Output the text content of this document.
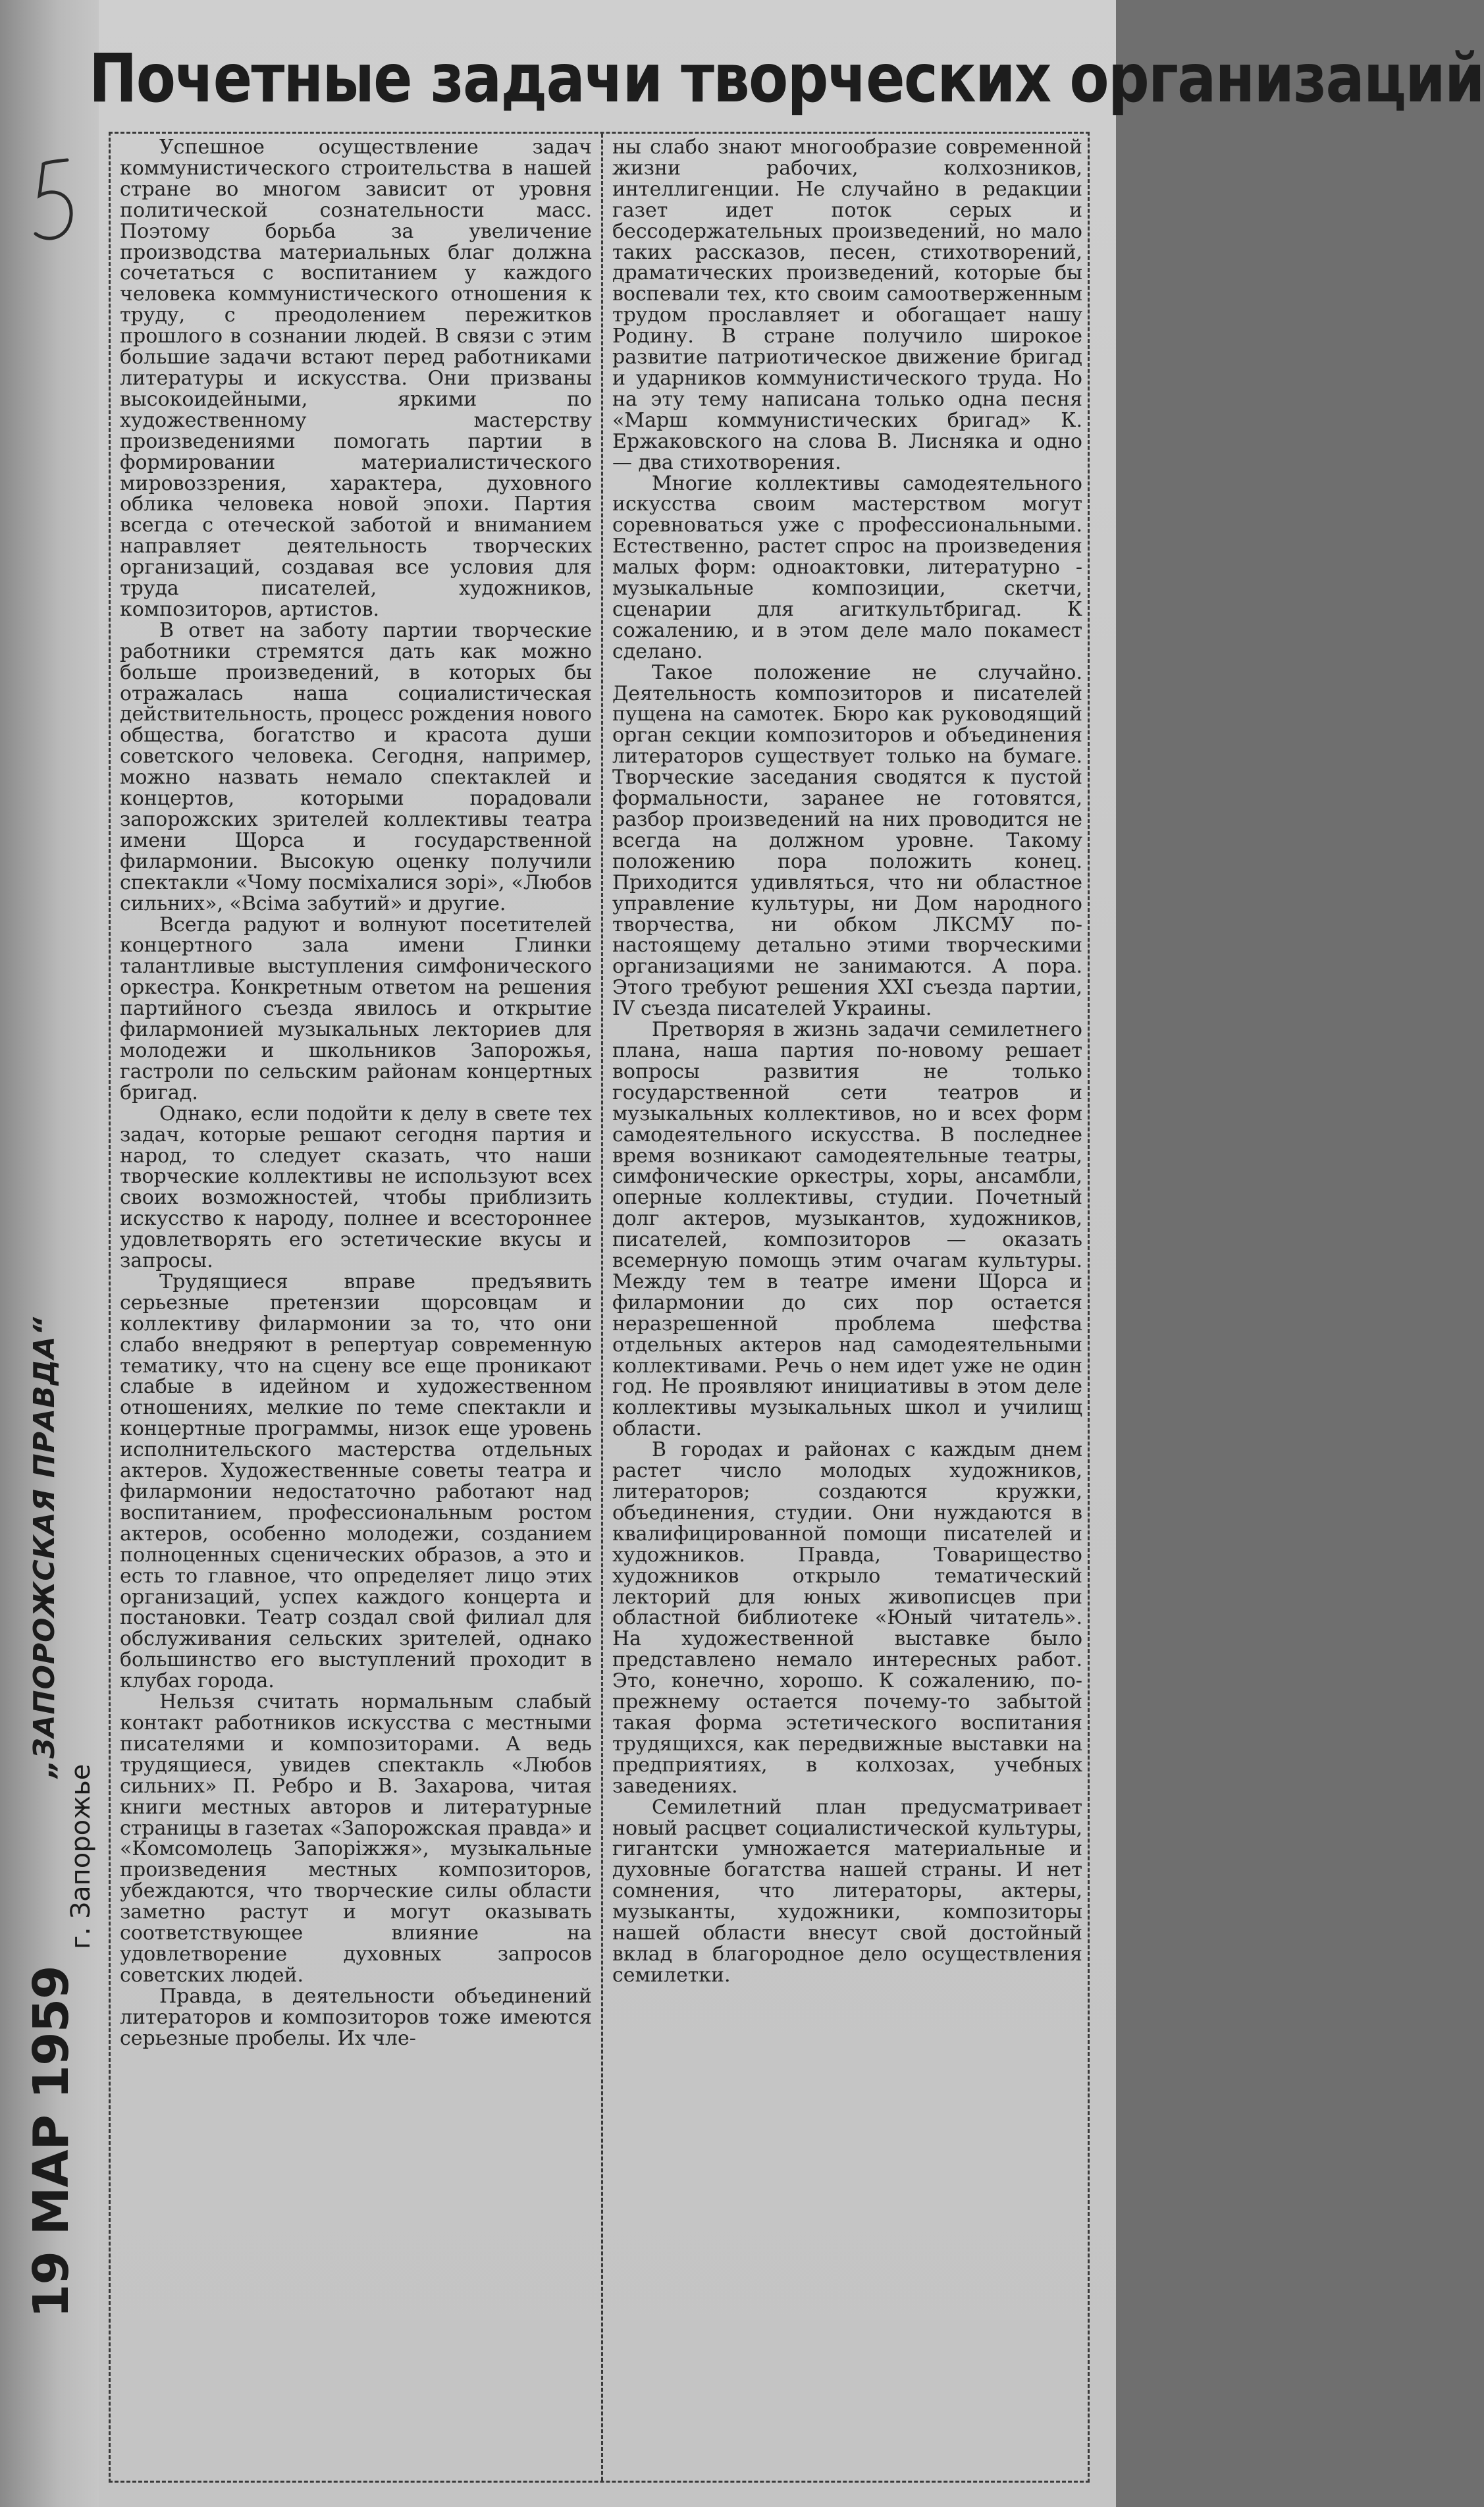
Почетные задачи творческих организаций

Успешное осуществление задач коммунистического строительства в нашей стране во многом зависит от уровня политической сознательности масс. Поэтому борьба за увеличение производства материальных благ должна сочетаться с воспитанием у каждого человека коммунистического отношения к труду, с преодолением пережитков прошлого в сознании людей. В связи с этим большие задачи встают перед работниками литературы и искусства. Они призваны высокоидейными, яркими по художественному мастерству произведениями помогать партии в формировании материалистического мировоззрения, характера, духовного облика человека новой эпохи. Партия всегда с отеческой заботой и вниманием направляет деятельность творческих организаций, создавая все условия для труда писателей, художников, композиторов, артистов.

В ответ на заботу партии творческие работники стремятся дать как можно больше произведений, в которых бы отражалась наша социалистическая действительность, процесс рождения нового общества, богатство и красота души советского человека. Сегодня, например, можно назвать немало спектаклей и концертов, которыми порадовали запорожских зрителей коллективы театра имени Щорса и государственной филармонии. Высокую оценку получили спектакли «Чому посміхалися зорі», «Любов сильних», «Всіма забутий» и другие.

Всегда радуют и волнуют посетителей концертного зала имени Глинки талантливые выступления симфонического оркестра. Конкретным ответом на решения партийного съезда явилось и открытие филармонией музыкальных лекториев для молодежи и школьников Запорожья, гастроли по сельским районам концертных бригад.

Однако, если подойти к делу в свете тех задач, которые решают сегодня партия и народ, то следует сказать, что наши творческие коллективы не используют всех своих возможностей, чтобы приблизить искусство к народу, полнее и всестороннее удовлетворять его эстетические вкусы и запросы.

Трудящиеся вправе предъявить серьезные претензии щорсовцам и коллективу филармонии за то, что они слабо внедряют в репертуар современную тематику, что на сцену все еще проникают слабые в идейном и художественном отношениях, мелкие по теме спектакли и концертные программы, низок еще уровень исполнительского мастерства отдельных актеров. Художественные советы театра и филармонии недостаточно работают над воспитанием, профессиональным ростом актеров, особенно молодежи, созданием полноценных сценических образов, а это и есть то главное, что определяет лицо этих организаций, успех каждого концерта и постановки. Театр создал свой филиал для обслуживания сельских зрителей, однако большинство его выступлений проходит в клубах города.

Нельзя считать нормальным слабый контакт работников искусства с местными писателями и композиторами. А ведь трудящиеся, увидев спектакль «Любов сильних» П. Ребро и В. Захарова, читая книги местных авторов и литературные страницы в газетах «Запорожская правда» и «Комсомолець Запоріжжя», музыкальные произведения местных композиторов, убеждаются, что творческие силы области заметно растут и могут оказывать соответствующее влияние на удовлетворение духовных запросов советских людей.

Правда, в деятельности объединений литераторов и композиторов тоже имеются серьезные пробелы. Их чле-

ны слабо знают многообразие современной жизни рабочих, колхозников, интеллигенции. Не случайно в редакции газет идет поток серых и бессодержательных произведений, но мало таких рассказов, песен, стихотворений, драматических произведений, которые бы воспевали тех, кто своим самоотверженным трудом прославляет и обогащает нашу Родину. В стране получило широкое развитие патриотическое движение бригад и ударников коммунистического труда. Но на эту тему написана только одна песня «Марш коммунистических бригад» К. Ержаковского на слова В. Лисняка и одно — два стихотворения.

Многие коллективы самодеятельного искусства своим мастерством могут соревноваться уже с профессиональными. Естественно, растет спрос на произведения малых форм: одноактовки, литературно - музыкальные композиции, скетчи, сценарии для агиткультбригад. К сожалению, и в этом деле мало покамест сделано.

Такое положение не случайно. Деятельность композиторов и писателей пущена на самотек. Бюро как руководящий орган секции композиторов и объединения литераторов существует только на бумаге. Творческие заседания сводятся к пустой формальности, заранее не готовятся, разбор произведений на них проводится не всегда на должном уровне. Такому положению пора положить конец. Приходится удивляться, что ни областное управление культуры, ни Дом народного творчества, ни обком ЛКСМУ по-настоящему детально этими творческими организациями не занимаются. А пора. Этого требуют решения XXI съезда партии, IV съезда писателей Украины.

Претворяя в жизнь задачи семилетнего плана, наша партия по-новому решает вопросы развития не только государственной сети театров и музыкальных коллективов, но и всех форм самодеятельного искусства. В последнее время возникают самодеятельные театры, симфонические оркестры, хоры, ансамбли, оперные коллективы, студии. Почетный долг актеров, музыкантов, художников, писателей, композиторов — оказать всемерную помощь этим очагам культуры. Между тем в театре имени Щорса и филармонии до сих пор остается неразрешенной проблема шефства отдельных актеров над самодеятельными коллективами. Речь о нем идет уже не один год. Не проявляют инициативы в этом деле коллективы музыкальных школ и училищ области.

В городах и районах с каждым днем растет число молодых художников, литераторов; создаются кружки, объединения, студии. Они нуждаются в квалифицированной помощи писателей и художников. Правда, Товарищество художников открыло тематический лекторий для юных живописцев при областной библиотеке «Юный читатель». На художественной выставке было представлено немало интересных работ. Это, конечно, хорошо. К сожалению, по-прежнему остается почему-то забытой такая форма эстетического воспитания трудящихся, как передвижные выставки на предприятиях, в колхозах, учебных заведениях.

Семилетний план предусматривает новый расцвет социалистической культуры, гигантски умножается материальные и духовные богатства нашей страны. И нет сомнения, что литераторы, актеры, музыканты, художники, композиторы нашей области внесут свой достойный вклад в благородное дело осуществления семилетки.

„ЗАПОРОЖСКАЯ ПРАВДА“
г. Запорожье
19 МАР 1959
